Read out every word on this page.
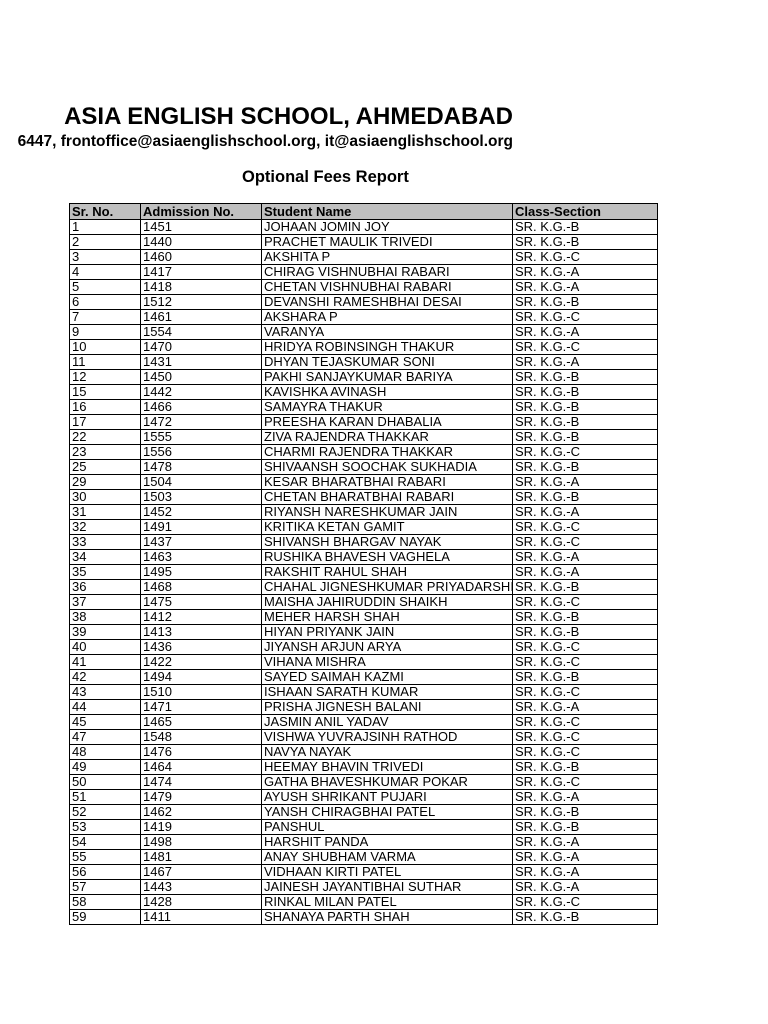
ASIA ENGLISH SCHOOL, AHMEDABAD
6447, frontoffice@asiaenglishschool.org, it@asiaenglishschool.org
Optional Fees Report
Sr. No.	Admission No.	Student Name	Class-Section
1	1451	JOHAAN JOMIN JOY	SR. K.G.-B
2	1440	PRACHET MAULIK TRIVEDI	SR. K.G.-B
3	1460	AKSHITA P	SR. K.G.-C
4	1417	CHIRAG VISHNUBHAI RABARI	SR. K.G.-A
5	1418	CHETAN VISHNUBHAI RABARI	SR. K.G.-A
6	1512	DEVANSHI RAMESHBHAI DESAI	SR. K.G.-B
7	1461	AKSHARA P	SR. K.G.-C
9	1554	VARANYA	SR. K.G.-A
10	1470	HRIDYA ROBINSINGH THAKUR	SR. K.G.-C
11	1431	DHYAN TEJASKUMAR SONI	SR. K.G.-A
12	1450	PAKHI SANJAYKUMAR BARIYA	SR. K.G.-B
15	1442	KAVISHKA AVINASH	SR. K.G.-B
16	1466	SAMAYRA THAKUR	SR. K.G.-B
17	1472	PREESHA KARAN DHABALIA	SR. K.G.-B
22	1555	ZIVA RAJENDRA THAKKAR	SR. K.G.-B
23	1556	CHARMI RAJENDRA THAKKAR	SR. K.G.-C
25	1478	SHIVAANSH SOOCHAK SUKHADIA	SR. K.G.-B
29	1504	KESAR BHARATBHAI RABARI	SR. K.G.-A
30	1503	CHETAN BHARATBHAI RABARI	SR. K.G.-B
31	1452	RIYANSH NARESHKUMAR JAIN	SR. K.G.-A
32	1491	KRITIKA KETAN GAMIT	SR. K.G.-C
33	1437	SHIVANSH BHARGAV NAYAK	SR. K.G.-C
34	1463	RUSHIKA BHAVESH VAGHELA	SR. K.G.-A
35	1495	RAKSHIT RAHUL SHAH	SR. K.G.-A
36	1468	CHAHAL JIGNESHKUMAR PRIYADARSHI	SR. K.G.-B
37	1475	MAISHA JAHIRUDDIN SHAIKH	SR. K.G.-C
38	1412	MEHER HARSH SHAH	SR. K.G.-B
39	1413	HIYAN PRIYANK JAIN	SR. K.G.-B
40	1436	JIYANSH ARJUN ARYA	SR. K.G.-C
41	1422	VIHANA MISHRA	SR. K.G.-C
42	1494	SAYED SAIMAH KAZMI	SR. K.G.-B
43	1510	ISHAAN SARATH KUMAR	SR. K.G.-C
44	1471	PRISHA JIGNESH BALANI	SR. K.G.-A
45	1465	JASMIN ANIL YADAV	SR. K.G.-C
47	1548	VISHWA YUVRAJSINH RATHOD	SR. K.G.-C
48	1476	NAVYA NAYAK	SR. K.G.-C
49	1464	HEEMAY BHAVIN TRIVEDI	SR. K.G.-B
50	1474	GATHA BHAVESHKUMAR POKAR	SR. K.G.-C
51	1479	AYUSH SHRIKANT PUJARI	SR. K.G.-A
52	1462	YANSH CHIRAGBHAI PATEL	SR. K.G.-B
53	1419	PANSHUL	SR. K.G.-B
54	1498	HARSHIT PANDA	SR. K.G.-A
55	1481	ANAY SHUBHAM VARMA	SR. K.G.-A
56	1467	VIDHAAN KIRTI PATEL	SR. K.G.-A
57	1443	JAINESH JAYANTIBHAI SUTHAR	SR. K.G.-A
58	1428	RINKAL MILAN PATEL	SR. K.G.-C
59	1411	SHANAYA PARTH SHAH	SR. K.G.-B
